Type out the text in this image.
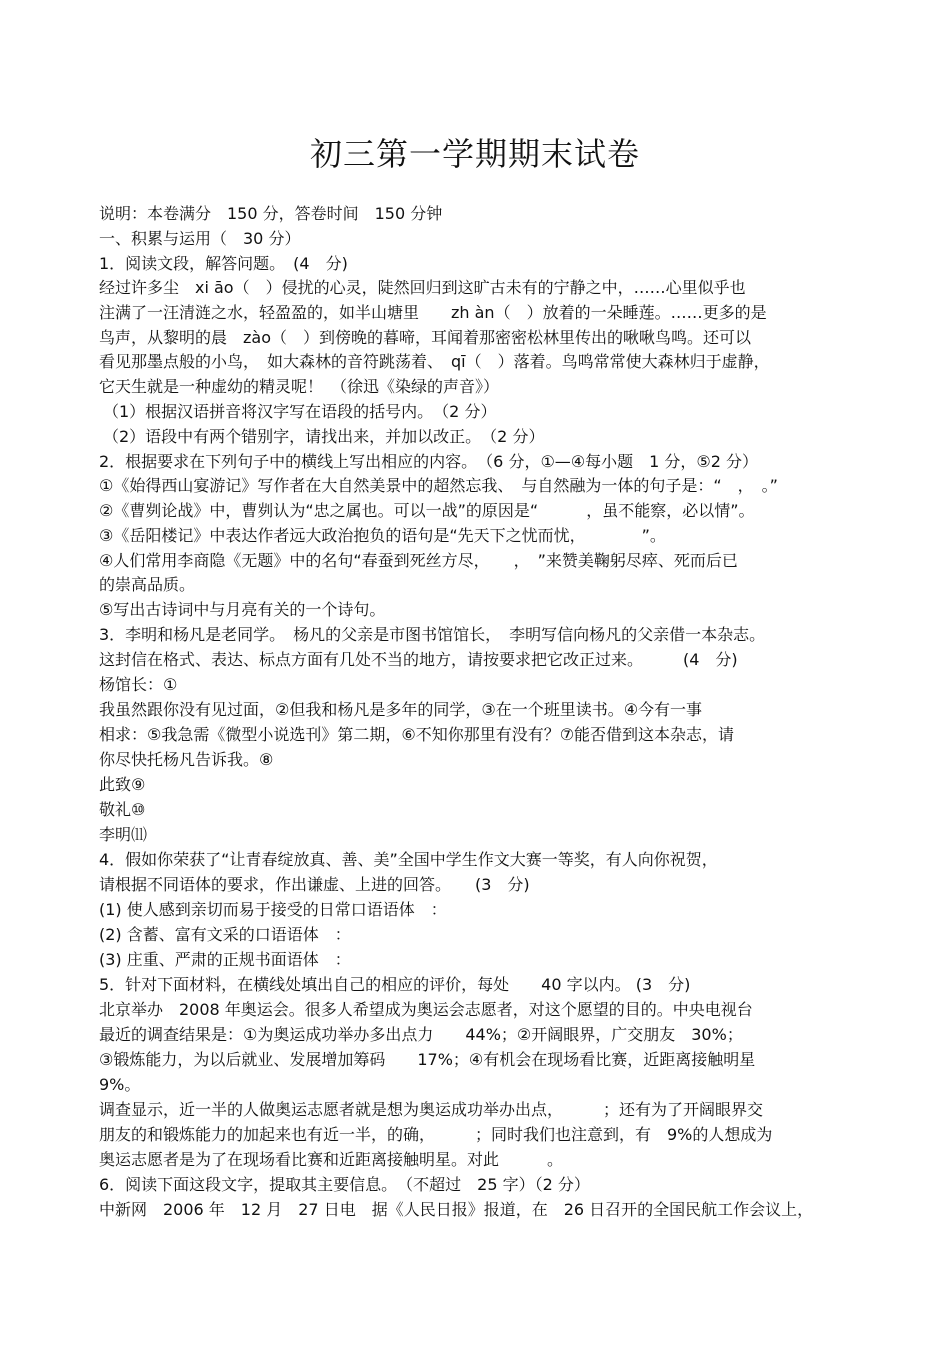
初三第一学期期末试卷
说明：本卷满分　150 分，答卷时间　150 分钟
一、积累与运用（　30 分）
1．阅读文段，解答问题。　(4　分)
经过许多尘　xi āo（　）侵扰的心灵，陡然回归到这旷古未有的宁静之中，……心里似乎也
注满了一汪清涟之水，轻盈盈的，如半山塘里　　zh àn（　）放着的一朵睡莲。……更多的是
鸟声，从黎明的晨　zào（　）到傍晚的暮啼，耳闻着那密密松林里传出的啾啾鸟鸣。还可以
看见那墨点般的小鸟，　如大森林的音符跳荡着、　qī（　）落着。鸟鸣常常使大森林归于虚静，
它天生就是一种虚幼的精灵呢！　（徐迅《染绿的声音》）
（1）根据汉语拼音将汉字写在语段的括号内。　（2 分）
（2）语段中有两个错别字，请找出来，并加以改正。　（2 分）
2．根据要求在下列句子中的横线上写出相应的内容。　（6 分，①—④每小题　1 分，⑤2 分）
①《始得西山宴游记》写作者在大自然美景中的超然忘我、　与自然融为一体的句子是：“　，　。”
②《曹刿论战》中，曹刿认为“忠之属也。可以一战”的原因是“　　　，虽不能察，必以情”。
③《岳阳楼记》中表达作者远大政治抱负的语句是“先天下之忧而忧，　　　　”。
④人们常用李商隐《无题》中的名句“春蚕到死丝方尽，　　，　”来赞美鞠躬尽瘁、死而后已
的崇高品质。
⑤写出古诗词中与月亮有关的一个诗句。
3．李明和杨凡是老同学。　杨凡的父亲是市图书馆馆长，　李明写信向杨凡的父亲借一本杂志。
这封信在格式、表达、标点方面有几处不当的地方，请按要求把它改正过来。　　　(4　分)
杨馆长：①
我虽然跟你没有见过面，②但我和杨凡是多年的同学，③在一个班里读书。④今有一事
相求：⑤我急需《微型小说选刊》第二期，⑥不知你那里有没有？⑦能否借到这本杂志，请
你尽快托杨凡告诉我。⑧
此致⑨
敬礼⑩
李明⑾
4．假如你荣获了“让青春绽放真、善、美”全国中学生作文大赛一等奖，有人向你祝贺，
请根据不同语体的要求，作出谦虚、上进的回答。　　(3　分)
(1) 使人感到亲切而易于接受的日常口语语体　：
(2) 含蓄、富有文采的口语语体　：
(3) 庄重、严肃的正规书面语体　：
5．针对下面材料，在横线处填出自己的相应的评价，每处　　40 字以内。 (3　分)
北京举办　2008 年奥运会。很多人希望成为奥运会志愿者，对这个愿望的目的。中央电视台
最近的调查结果是：①为奥运成功举办多出点力　　44%；②开阔眼界，广交朋友　30%；
③锻炼能力，为以后就业、发展增加筹码　　17%；④有机会在现场看比赛，近距离接触明星
9%。
调查显示，近一半的人做奥运志愿者就是想为奥运成功举办出点，　　　；还有为了开阔眼界交
朋友的和锻炼能力的加起来也有近一半，的确，　　　；同时我们也注意到，有　9%的人想成为
奥运志愿者是为了在现场看比赛和近距离接触明星。对此　　　。
6．阅读下面这段文字，提取其主要信息。　（不超过　25 字）（2 分）
中新网　2006 年　12 月　27 日电　据《人民日报》报道，在　26 日召开的全国民航工作会议上，
